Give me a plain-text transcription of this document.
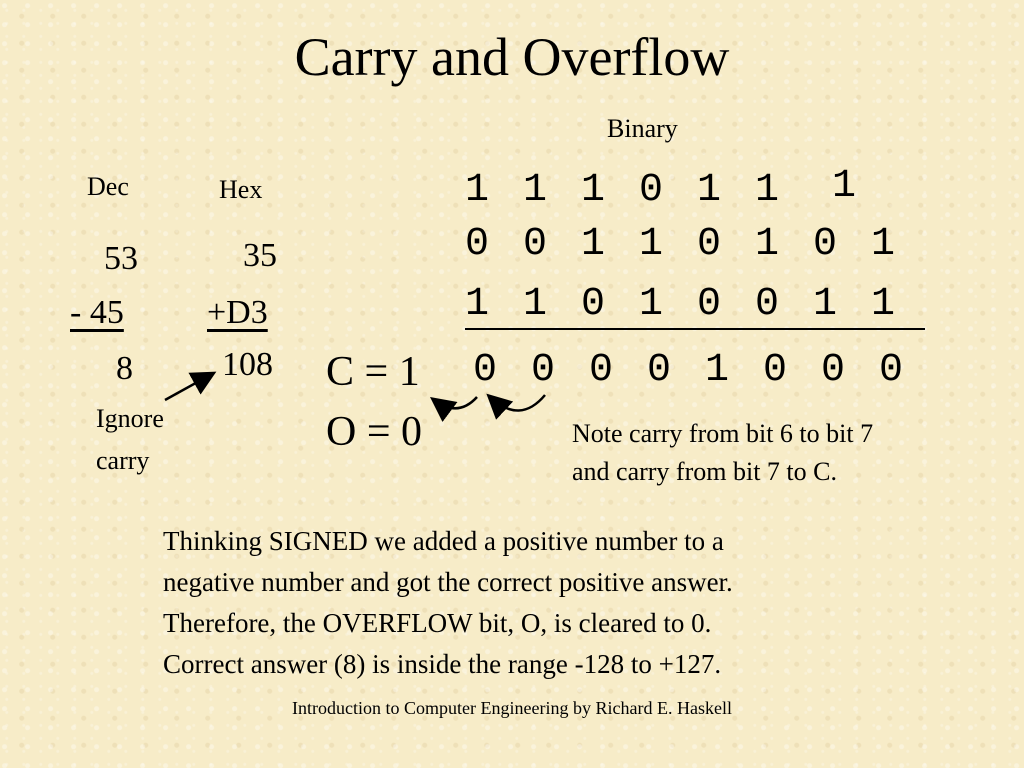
Carry and Overflow
Binary
Dec	Hex
53
- 45
8
35
+D3
108
1 1 1 0 1 1 1
0 0 1 1 0 1 0 1
1 1 0 1 0 0 1 1
0 0 0 0 1 0 0 0
C = 1
O = 0
Ignore
carry
Note carry from bit 6 to bit 7
and carry from bit 7 to C.
Thinking SIGNED we added a positive number to a
negative number and got the correct positive answer.
Therefore, the OVERFLOW bit, O, is cleared to 0.
Correct answer (8) is inside the range -128 to +127.
Introduction to Computer Engineering by Richard E. Haskell
